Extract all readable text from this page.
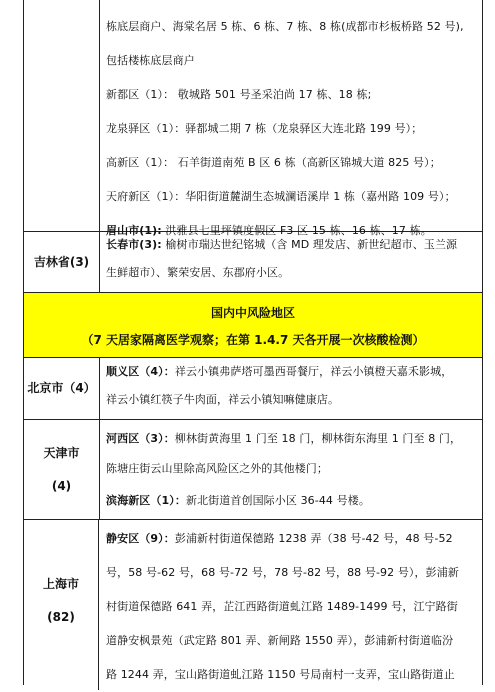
栋底层商户、海棠名居 5 栋、6 栋、7 栋、8 栋(成都市杉板桥路 52 号),
包括楼栋底层商户
新都区（1）： 敬城路 501 号圣采泊尚 17 栋、18 栋;
龙泉驿区（1）：驿都城二期 7 栋（龙泉驿区大连北路 199 号）；
高新区（1）： 石羊街道南苑 B 区 6 栋（高新区锦城大道 825 号）；
天府新区（1）：华阳街道麓湖生态城澜语溪岸 1 栋（嘉州路 109 号）；
眉山市(1): 洪雅县七里坪镇度假区 F3 区 15 栋、16 栋、17 栋。
吉林省(3)
长春市(3): 榆树市瑞达世纪铭城（含 MD 理发店、新世纪超市、玉兰源
生鲜超市）、繁荣安居、东郡府小区。
国内中风险地区
（7 天居家隔离医学观察；在第 1.4.7 天各开展一次核酸检测）
北京市（4）
顺义区（4）：祥云小镇弗萨塔可墨西哥餐厅，祥云小镇橙天嘉禾影城，
祥云小镇红筷子牛肉面，祥云小镇知嘛健康店。
天津市
(4)
河西区（3）：柳林街黄海里 1 门至 18 门，柳林街东海里 1 门至 8 门，
陈塘庄街云山里除高风险区之外的其他楼门；
滨海新区（1）：新北街道首创国际小区 36-44 号楼。
上海市
(82)
静安区（9）：彭浦新村街道保德路 1238 弄（38 号-42 号，48 号-52
号，58 号-62 号，68 号-72 号，78 号-82 号，88 号-92 号），彭浦新
村街道保德路 641 弄，芷江西路街道虬江路 1489-1499 号，江宁路街
道静安枫景苑（武定路 801 弄、新闸路 1550 弄），彭浦新村街道临汾
路 1244 弄，宝山路街道虬江路 1150 号局南村一支弄，宝山路街道止
